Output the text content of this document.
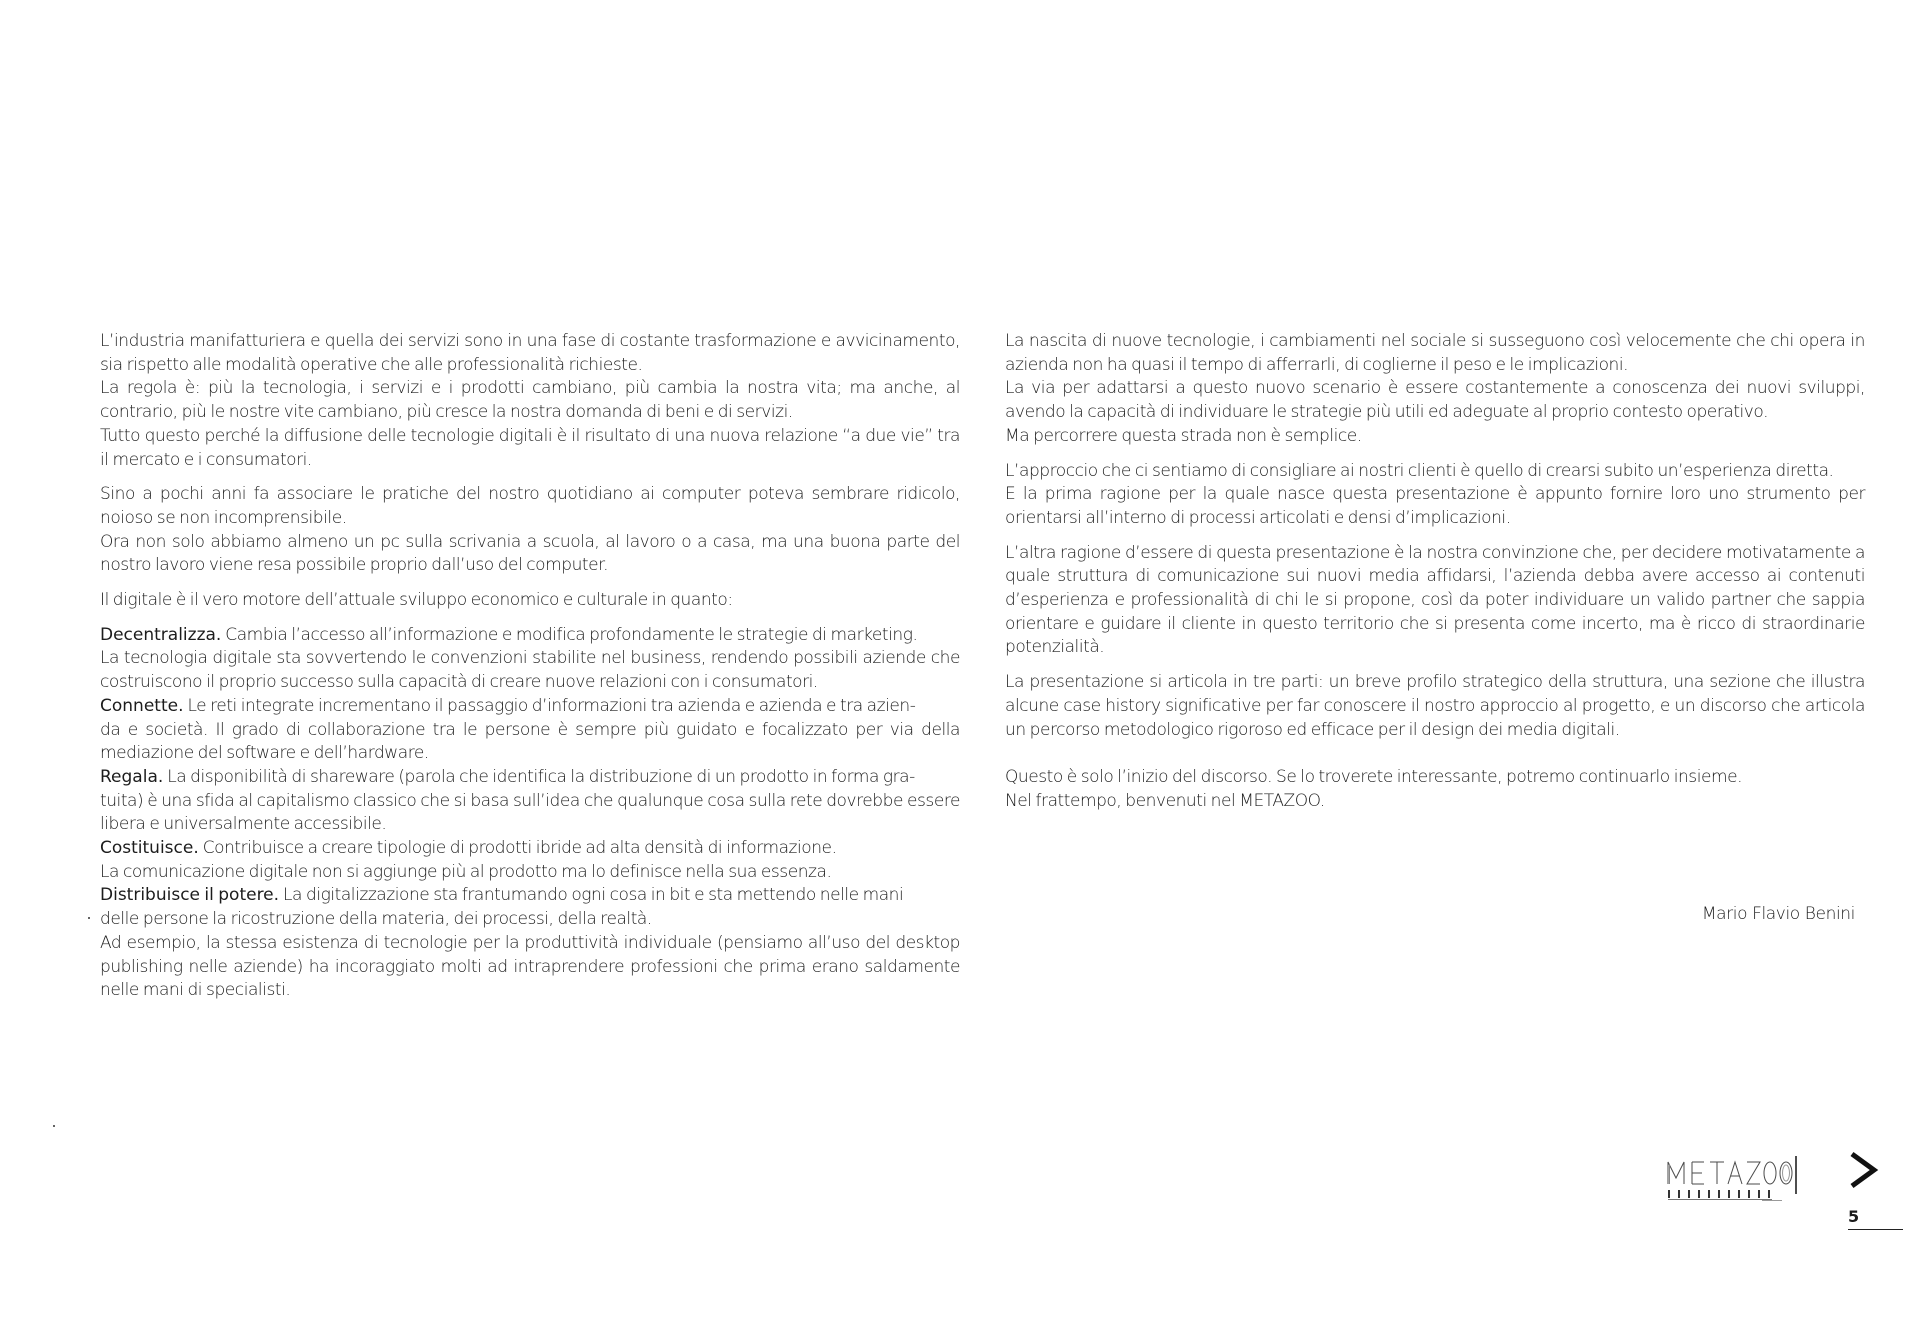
L’industria manifatturiera e quella dei servizi sono in una fase di costante trasformazione e avvicinamento, sia rispetto alle modalità operative che alle professionalità richieste.

La regola è: più la tecnologia, i servizi e i prodotti cambiano, più cambia la nostra vita; ma anche, al contrario, più le nostre vite cambiano, più cresce la nostra domanda di beni e di servizi.

Tutto questo perché la diffusione delle tecnologie digitali è il risultato di una nuova relazione “a due vie” tra il mercato e i consumatori.

Sino a pochi anni fa associare le pratiche del nostro quotidiano ai computer poteva sembrare ridicolo, noioso se non incomprensibile.

Ora non solo abbiamo almeno un pc sulla scrivania a scuola, al lavoro o a casa, ma una buona parte del nostro lavoro viene resa possibile proprio dall’uso del computer.

Il digitale è il vero motore dell’attuale sviluppo economico e culturale in quanto:

Decentralizza. Cambia l’accesso all’informazione e modifica profondamente le strategie di marketing.

La tecnologia digitale sta sovvertendo le convenzioni stabilite nel business, rendendo possibili aziende che costruiscono il proprio successo sulla capacità di creare nuove relazioni con i consumatori.

Connette. Le reti integrate incrementano il passaggio d’informazioni tra azienda e azienda e tra azien-

da e società. Il grado di collaborazione tra le persone è sempre più guidato e focalizzato per via della mediazione del software e dell’hardware.

Regala. La disponibilità di shareware (parola che identifica la distribuzione di un prodotto in forma gra-

tuita) è una sfida al capitalismo classico che si basa sull’idea che qualunque cosa sulla rete dovrebbe essere libera e universalmente accessibile.

Costituisce. Contribuisce a creare tipologie di prodotti ibride ad alta densità di informazione.

La comunicazione digitale non si aggiunge più al prodotto ma lo definisce nella sua essenza.

Distribuisce il potere. La digitalizzazione sta frantumando ogni cosa in bit e sta mettendo nelle mani

delle persone la ricostruzione della materia, dei processi, della realtà.

Ad esempio, la stessa esistenza di tecnologie per la produttività individuale (pensiamo all’uso del desktop publishing nelle aziende) ha incoraggiato molti ad intraprendere professioni che prima erano saldamente nelle mani di specialisti.

La nascita di nuove tecnologie, i cambiamenti nel sociale si susseguono così velocemente che chi opera in azienda non ha quasi il tempo di afferrarli, di coglierne il peso e le implicazioni.

La via per adattarsi a questo nuovo scenario è essere costantemente a conoscenza dei nuovi sviluppi, avendo la capacità di individuare le strategie più utili ed adeguate al proprio contesto operativo.

Ma percorrere questa strada non è semplice.

L’approccio che ci sentiamo di consigliare ai nostri clienti è quello di crearsi subito un’esperienza diretta.

E la prima ragione per la quale nasce questa presentazione è appunto fornire loro uno strumento per orientarsi all’interno di processi articolati e densi d’implicazioni.

L’altra ragione d’essere di questa presentazione è la nostra convinzione che, per decidere motivatamente a quale struttura di comunicazione sui nuovi media affidarsi, l’azienda debba avere accesso ai contenuti d’esperienza e professionalità di chi le si propone, così da poter individuare un valido partner che sappia orientare e guidare il cliente in questo territorio che si presenta come incerto, ma è ricco di straordinarie potenzialità.

La presentazione si articola in tre parti: un breve profilo strategico della struttura, una sezione che illustra alcune case history significative per far conoscere il nostro approccio al progetto, e un discorso che articola un percorso metodologico rigoroso ed efficace per il design dei media digitali.

Questo è solo l’inizio del discorso. Se lo troverete interessante, potremo continuarlo insieme.

Nel frattempo, benvenuti nel METAZOO.

Mario Flavio Benini
5
